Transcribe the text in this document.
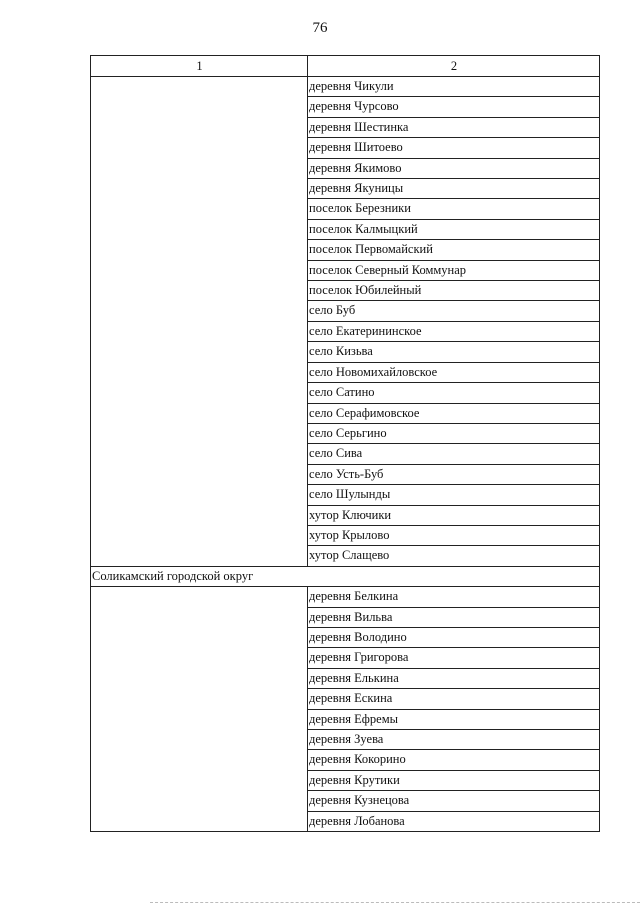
76
1	2
	деревня Чикули
	деревня Чурсово
	деревня Шестинка
	деревня Шитоево
	деревня Якимово
	деревня Якуницы
	поселок Березники
	поселок Калмыцкий
	поселок Первомайский
	поселок Северный Коммунар
	поселок Юбилейный
	село Буб
	село Екатерининское
	село Кизьва
	село Новомихайловское
	село Сатино
	село Серафимовское
	село Серьгино
	село Сива
	село Усть-Буб
	село Шулынды
	хутор Ключики
	хутор Крылово
	хутор Слащево
Соликамский городской округ	
	деревня Белкина
	деревня Вильва
	деревня Володино
	деревня Григорова
	деревня Елькина
	деревня Ескина
	деревня Ефремы
	деревня Зуева
	деревня Кокорино
	деревня Крутики
	деревня Кузнецова
	деревня Лобанова
